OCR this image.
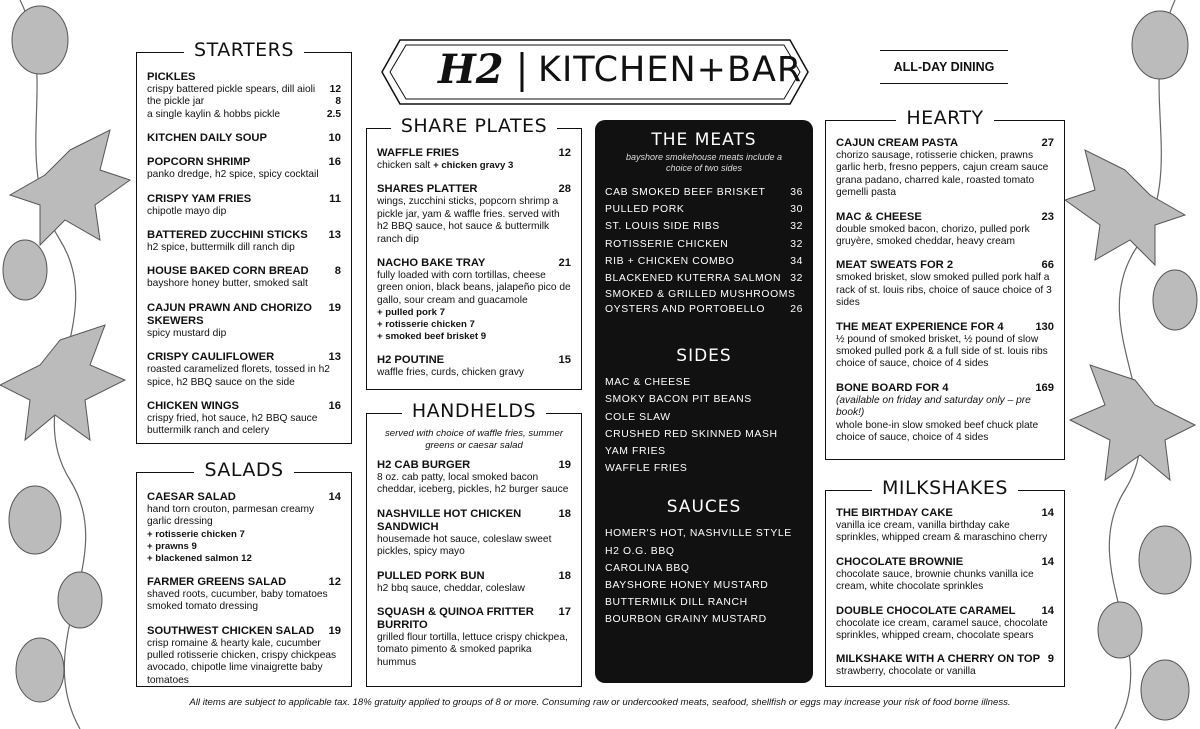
H2 KITCHEN+BAR	ALL-DAY DINING
STARTERS
PICKLES
crispy battered pickle spears, dill aioli 12
the pickle jar	8
a single kaylin & hobbs pickle	2.5
KITCHEN DAILY SOUP	10
POPCORN SHRIMP	16
panko dredge, h2 spice, spicy cocktail
CRISPY YAM FRIES	11
chipotle mayo dip
BATTERED ZUCCHINI STICKS	13
h2 spice, buttermilk dill ranch dip
HOUSE BAKED CORN BREAD	8
bayshore honey butter, smoked salt
CAJUN PRAWN AND CHORIZO SKEWERS
19
spicy mustard dip
CRISPY CAULIFLOWER	13
roasted caramelized florets, tossed in h2 spice, h2 BBQ sauce on the side
CHICKEN WINGS	16
crispy fried, hot sauce, h2 BBQ sauce buttermilk ranch and celery
SALADS
CAESAR SALAD	14
hand torn crouton, parmesan creamy garlic dressing
+ rotisserie chicken 7
+ prawns 9
+ blackened salmon 12
FARMER GREENS SALAD	12
shaved roots, cucumber, baby tomatoes smoked tomato dressing
SOUTHWEST CHICKEN SALAD	19
crisp romaine & hearty kale, cucumber pulled rotisserie chicken, crispy chickpeas avocado, chipotle lime vinaigrette baby tomatoes
SHARE PLATES
WAFFLE FRIES	12
chicken salt + chicken gravy 3
SHARES PLATTER	28
wings, zucchini sticks, popcorn shrimp a pickle jar, yam & waffle fries. served with h2 BBQ sauce, hot sauce & buttermilk ranch dip
NACHO BAKE TRAY	21
fully loaded with corn tortillas, cheese green onion, black beans, jalapeño pico de gallo, sour cream and guacamole
+ pulled pork 7
+ rotisserie chicken 7
+ smoked beef brisket 9
H2 POUTINE	15
waffle fries, curds, chicken gravy
HANDHELDS
served with choice of waffle fries, summer greens or caesar salad
H2 CAB BURGER	19
8 oz. cab patty, local smoked bacon cheddar, iceberg, pickles, h2 burger sauce
NASHVILLE HOT CHICKEN SANDWICH
18
housemade hot sauce, coleslaw sweet pickles, spicy mayo
PULLED PORK BUN	18
h2 bbq sauce, cheddar, coleslaw
SQUASH & QUINOA FRITTER BURRITO
17
grilled flour tortilla, lettuce crispy chickpea, tomato pimento & smoked paprika hummus
THE MEATS
bayshore smokehouse meats include a choice of two sides
CAB SMOKED BEEF BRISKET	36
PULLED PORK	30
ST. LOUIS SIDE RIBS	32
ROTISSERIE CHICKEN	32
RIB + CHICKEN COMBO	34
BLACKENED KUTERRA SALMON 32
SMOKED & GRILLED MUSHROOMS
OYSTERS AND PORTOBELLO	26
SIDES
MAC & CHEESE
SMOKY BACON PIT BEANS
COLE SLAW
CRUSHED RED SKINNED MASH
YAM FRIES
WAFFLE FRIES
SAUCES
HOMER'S HOT, NASHVILLE STYLE
H2 O.G. BBQ
CAROLINA BBQ
BAYSHORE HONEY MUSTARD
BUTTERMILK DILL RANCH
BOURBON GRAINY MUSTARD
HEARTY
CAJUN CREAM PASTA	27
chorizo sausage, rotisserie chicken, prawns garlic herb, fresno peppers, cajun cream sauce grana padano, charred kale, roasted tomato gemelli pasta
MAC & CHEESE	23
double smoked bacon, chorizo, pulled pork gruyère, smoked cheddar, heavy cream
MEAT SWEATS FOR 2	66
smoked brisket, slow smoked pulled pork half a rack of st. louis ribs, choice of sauce choice of 3 sides
THE MEAT EXPERIENCE FOR 4	130
½ pound of smoked brisket, ½ pound of slow smoked pulled pork & a full side of st. louis ribs choice of sauce, choice of 4 sides
BONE BOARD FOR 4	169
(available on friday and saturday only – pre book!)
whole bone-in slow smoked beef chuck plate choice of sauce, choice of 4 sides
MILKSHAKES
THE BIRTHDAY CAKE	14
vanilla ice cream, vanilla birthday cake sprinkles, whipped cream & maraschino cherry
CHOCOLATE BROWNIE	14
chocolate sauce, brownie chunks vanilla ice cream, white chocolate sprinkles
DOUBLE CHOCOLATE CARAMEL	14
chocolate ice cream, caramel sauce, chocolate sprinkles, whipped cream, chocolate spears
MILKSHAKE WITH A CHERRY ON TOP 9
strawberry, chocolate or vanilla
All items are subject to applicable tax. 18% gratuity applied to groups of 8 or more. Consuming raw or undercooked meats, seafood, shellfish or eggs may increase your risk of food borne illness.
